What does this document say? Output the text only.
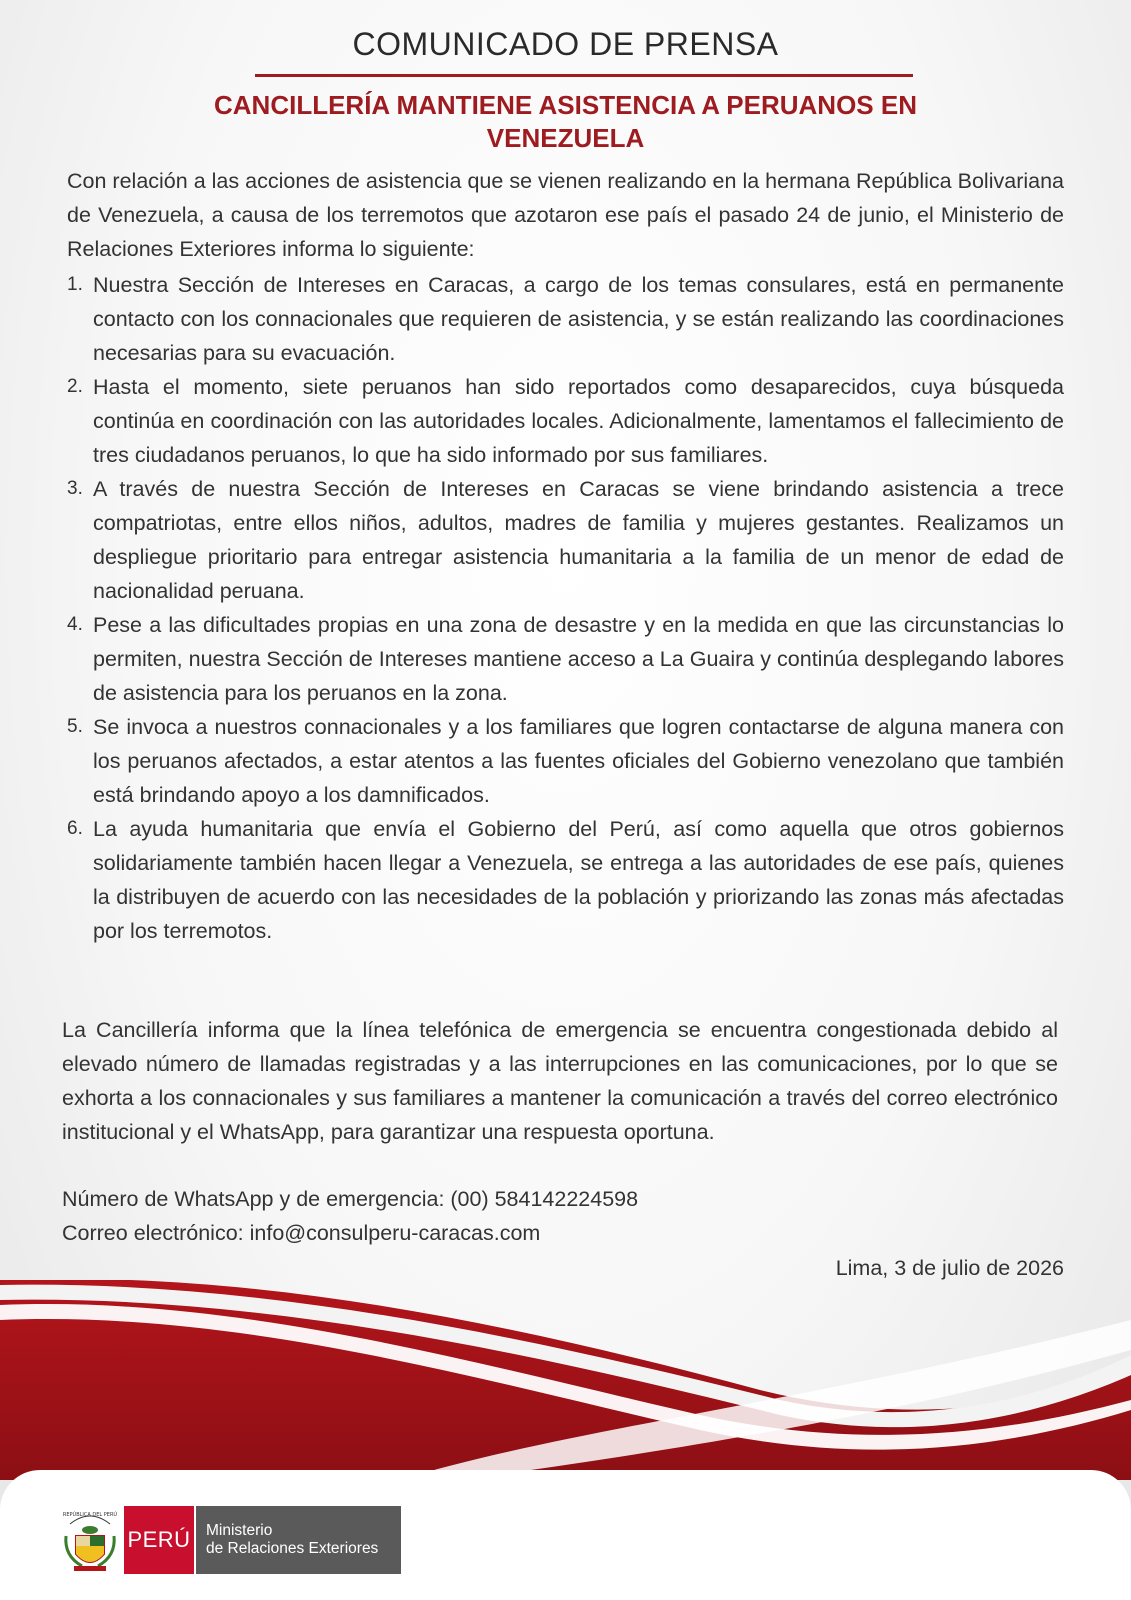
COMUNICADO DE PRENSA
CANCILLERÍA MANTIENE ASISTENCIA A PERUANOS EN
VENEZUELA
Con relación a las acciones de asistencia que se vienen realizando en la hermana República Bolivariana de Venezuela, a causa de los terremotos que azotaron ese país el pasado 24 de junio, el Ministerio de Relaciones Exteriores informa lo siguiente:
1. Nuestra Sección de Intereses en Caracas, a cargo de los temas consulares, está en permanente contacto con los connacionales que requieren de asistencia, y se están realizando las coordinaciones necesarias para su evacuación.
2. Hasta el momento, siete peruanos han sido reportados como desaparecidos, cuya búsqueda continúa en coordinación con las autoridades locales. Adicionalmente, lamentamos el fallecimiento de tres ciudadanos peruanos, lo que ha sido informado por sus familiares.
3. A través de nuestra Sección de Intereses en Caracas se viene brindando asistencia a trece compatriotas, entre ellos niños, adultos, madres de familia y mujeres gestantes. Realizamos un despliegue prioritario para entregar asistencia humanitaria a la familia de un menor de edad de nacionalidad peruana.
4. Pese a las dificultades propias en una zona de desastre y en la medida en que las circunstancias lo permiten, nuestra Sección de Intereses mantiene acceso a La Guaira y continúa desplegando labores de asistencia para los peruanos en la zona.
5. Se invoca a nuestros connacionales y a los familiares que logren contactarse de alguna manera con los peruanos afectados, a estar atentos a las fuentes oficiales del Gobierno venezolano que también está brindando apoyo a los damnificados.
6. La ayuda humanitaria que envía el Gobierno del Perú, así como aquella que otros gobiernos solidariamente también hacen llegar a Venezuela, se entrega a las autoridades de ese país, quienes la distribuyen de acuerdo con las necesidades de la población y priorizando las zonas más afectadas por los terremotos.
La Cancillería informa que la línea telefónica de emergencia se encuentra congestionada debido al elevado número de llamadas registradas y a las interrupciones en las comunicaciones, por lo que se exhorta a los connacionales y sus familiares a mantener la comunicación a través del correo electrónico institucional y el WhatsApp, para garantizar una respuesta oportuna.
Número de WhatsApp y de emergencia: (00) 584142224598
Correo electrónico: info@consulperu-caracas.com
Lima, 3 de julio de 2026
REPÚBLICA DEL PERÚ
PERÚ Ministerio
de Relaciones Exteriores
